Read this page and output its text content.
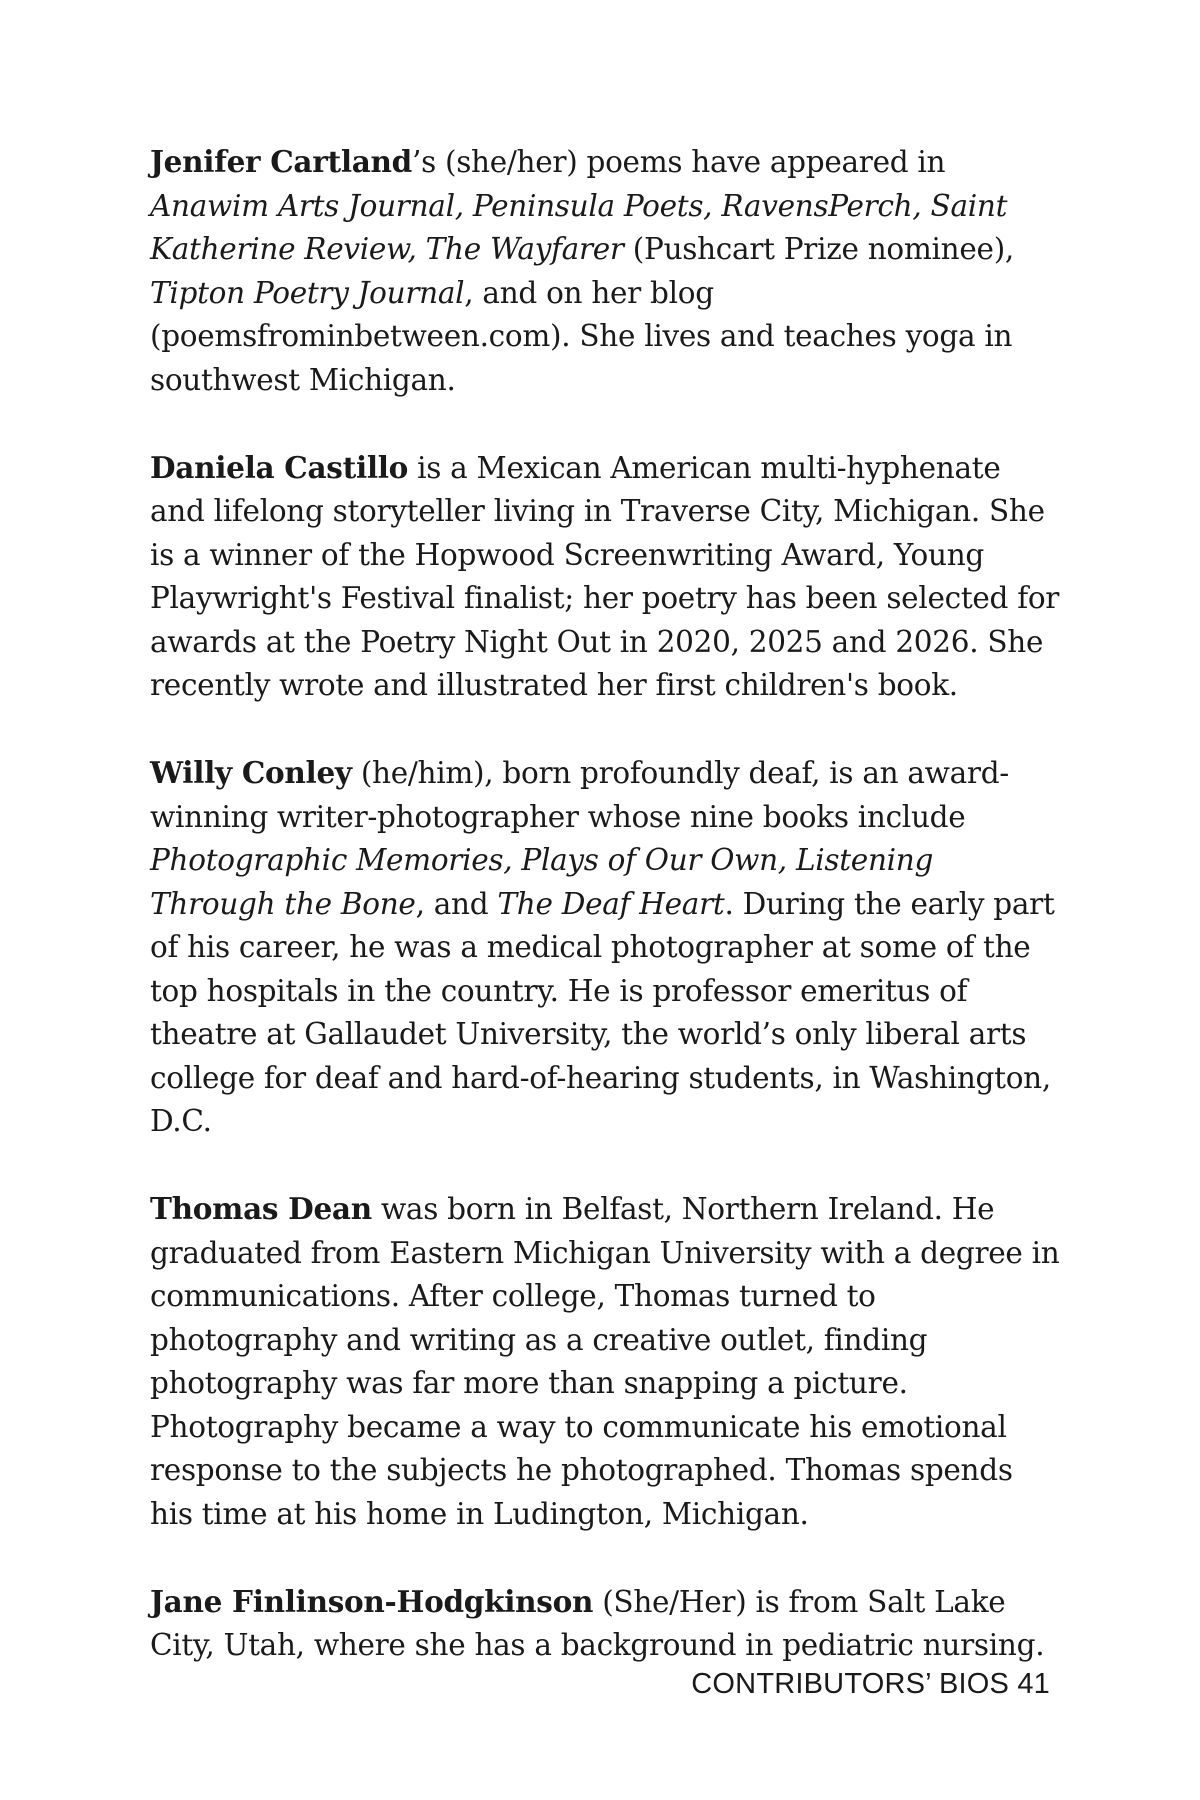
Jenifer Cartland’s (she/her) poems have appeared in Anawim Arts Journal, Peninsula Poets, RavensPerch, Saint Katherine Review, The Wayfarer (Pushcart Prize nominee), Tipton Poetry Journal, and on her blog (poemsfrominbetween.com). She lives and teaches yoga in southwest Michigan.

Daniela Castillo is a Mexican American multi-hyphenate and lifelong storyteller living in Traverse City, Michigan. She is a winner of the Hopwood Screenwriting Award, Young Playwright's Festival finalist; her poetry has been selected for awards at the Poetry Night Out in 2020, 2025 and 2026. She recently wrote and illustrated her first children's book.

Willy Conley (he/him), born profoundly deaf, is an award-winning writer-photographer whose nine books include Photographic Memories, Plays of Our Own, Listening Through the Bone, and The Deaf Heart. During the early part of his career, he was a medical photographer at some of the top hospitals in the country. He is professor emeritus of theatre at Gallaudet University, the world’s only liberal arts college for deaf and hard-of-hearing students, in Washington, D.C.

Thomas Dean was born in Belfast, Northern Ireland. He graduated from Eastern Michigan University with a degree in communications. After college, Thomas turned to photography and writing as a creative outlet, finding photography was far more than snapping a picture. Photography became a way to communicate his emotional response to the subjects he photographed. Thomas spends his time at his home in Ludington, Michigan.

Jane Finlinson-Hodgkinson (She/Her) is from Salt Lake City, Utah, where she has a background in pediatric nursing.

CONTRIBUTORS’ BIOS 41
